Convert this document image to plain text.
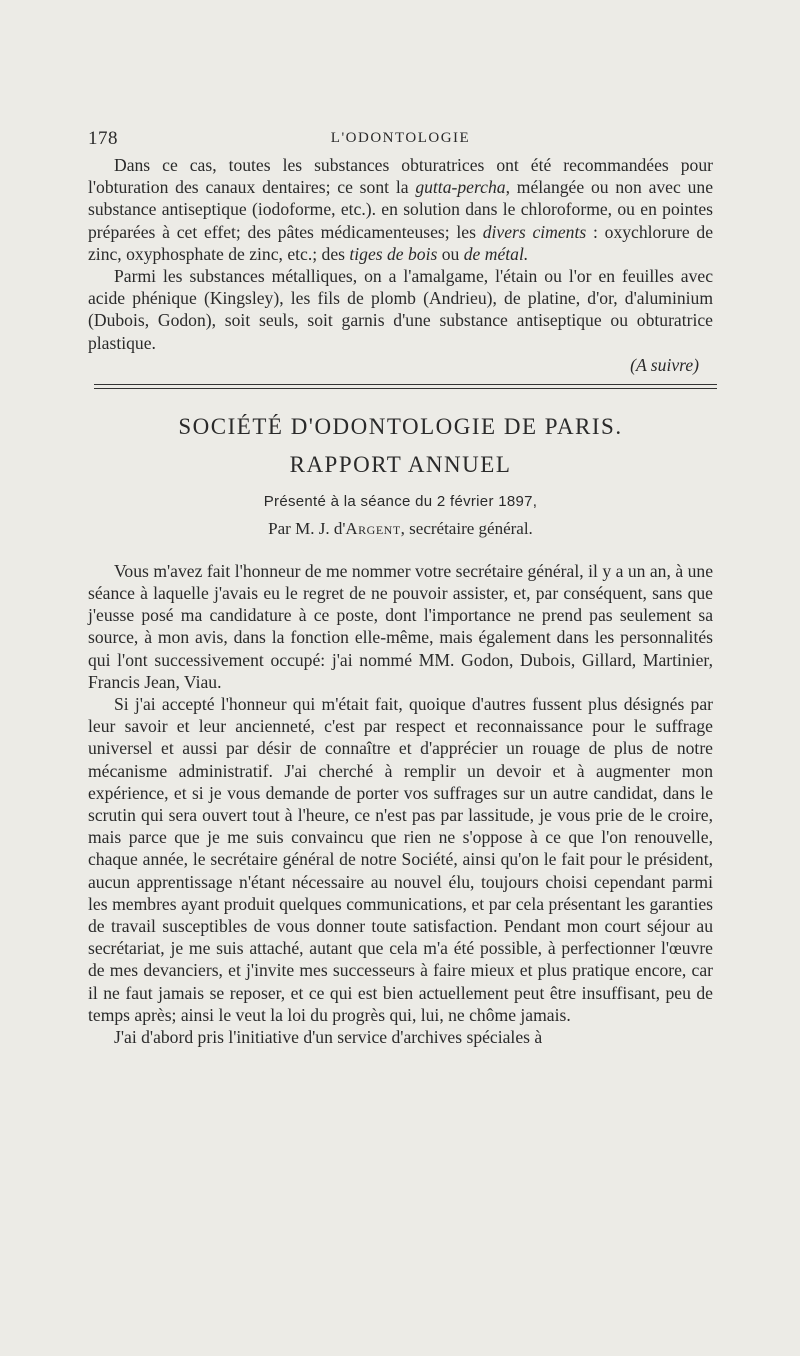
178	L'ODONTOLOGIE

Dans ce cas, toutes les substances obturatrices ont été recommandées pour l'obturation des canaux dentaires; ce sont la gutta-percha, mélangée ou non avec une substance antiseptique (iodoforme, etc.). en solution dans le chloroforme, ou en pointes préparées à cet effet; des pâtes médicamenteuses; les divers ciments : oxychlorure de zinc, oxyphosphate de zinc, etc.; des tiges de bois ou de métal.

Parmi les substances métalliques, on a l'amalgame, l'étain ou l'or en feuilles avec acide phénique (Kingsley), les fils de plomb (Andrieu), de platine, d'or, d'aluminium (Dubois, Godon), soit seuls, soit garnis d'une substance antiseptique ou obturatrice plastique.

(A suivre)
SOCIÉTÉ D'ODONTOLOGIE DE PARIS.
RAPPORT ANNUEL
Présenté à la séance du 2 février 1897,
Par M. J. d'Argent, secrétaire général.

Vous m'avez fait l'honneur de me nommer votre secrétaire général, il y a un an, à une séance à laquelle j'avais eu le regret de ne pouvoir assister, et, par conséquent, sans que j'eusse posé ma candidature à ce poste, dont l'importance ne prend pas seulement sa source, à mon avis, dans la fonction elle-même, mais également dans les personnalités qui l'ont successivement occupé: j'ai nommé MM. Godon, Dubois, Gillard, Martinier, Francis Jean, Viau.

Si j'ai accepté l'honneur qui m'était fait, quoique d'autres fussent plus désignés par leur savoir et leur ancienneté, c'est par respect et reconnaissance pour le suffrage universel et aussi par désir de connaître et d'apprécier un rouage de plus de notre mécanisme administratif. J'ai cherché à remplir un devoir et à augmenter mon expérience, et si je vous demande de porter vos suffrages sur un autre candidat, dans le scrutin qui sera ouvert tout à l'heure, ce n'est pas par lassitude, je vous prie de le croire, mais parce que je me suis convaincu que rien ne s'oppose à ce que l'on renouvelle, chaque année, le secrétaire général de notre Société, ainsi qu'on le fait pour le président, aucun apprentissage n'étant nécessaire au nouvel élu, toujours choisi cependant parmi les membres ayant produit quelques communications, et par cela présentant les garanties de travail susceptibles de vous donner toute satisfaction. Pendant mon court séjour au secrétariat, je me suis attaché, autant que cela m'a été possible, à perfectionner l'œuvre de mes devanciers, et j'invite mes successeurs à faire mieux et plus pratique encore, car il ne faut jamais se reposer, et ce qui est bien actuellement peut être insuffisant, peu de temps après; ainsi le veut la loi du progrès qui, lui, ne chôme jamais.

J'ai d'abord pris l'initiative d'un service d'archives spéciales à
